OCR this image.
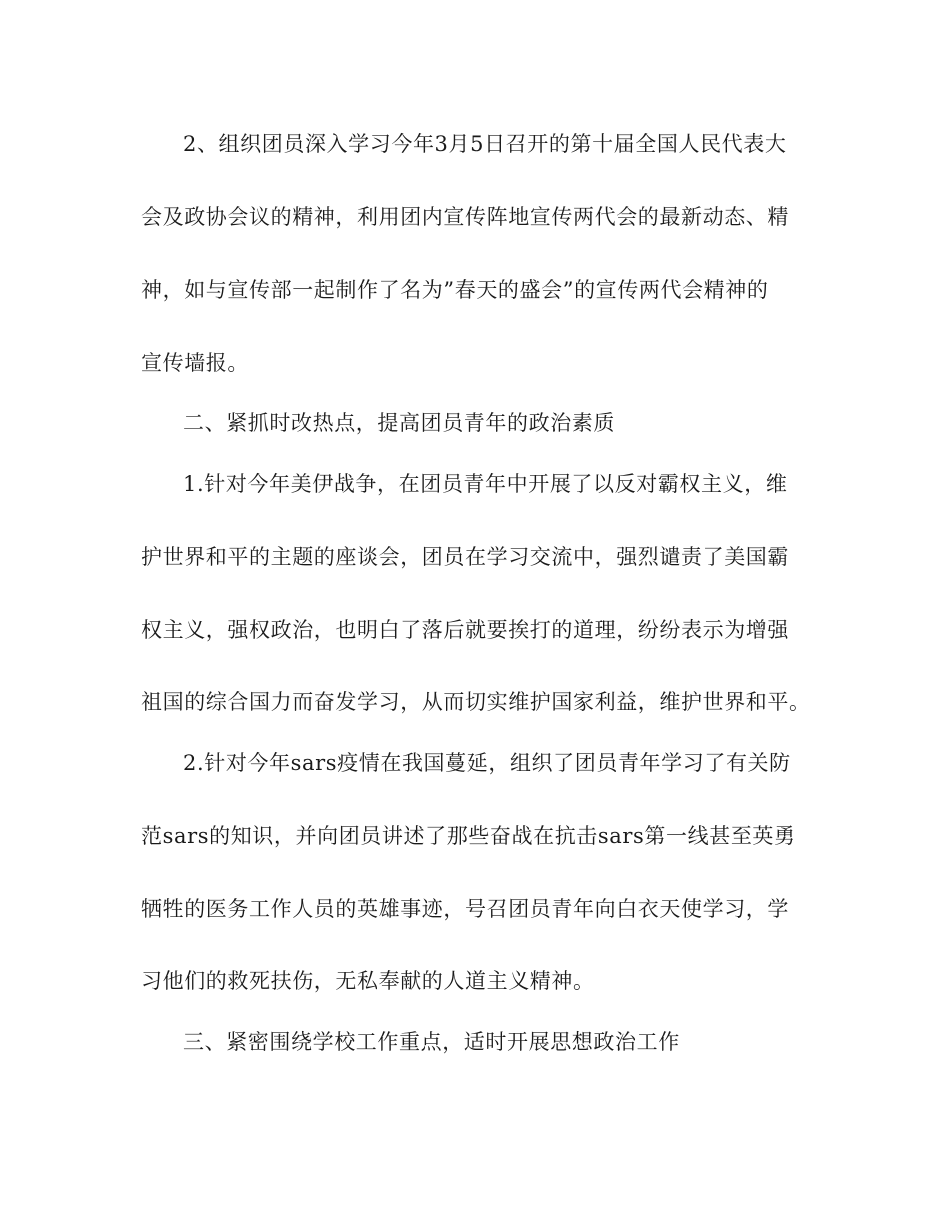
2、组织团员深入学习今年3月5日召开的第十届全国人民代表大
会及政协会议的精神，利用团内宣传阵地宣传两代会的最新动态、精
神，如与宣传部一起制作了名为”春天的盛会”的宣传两代会精神的
宣传墙报。
二、紧抓时改热点，提高团员青年的政治素质
1.针对今年美伊战争，在团员青年中开展了以反对霸权主义，维
护世界和平的主题的座谈会，团员在学习交流中，强烈谴责了美国霸
权主义，强权政治，也明白了落后就要挨打的道理，纷纷表示为增强
祖国的综合国力而奋发学习，从而切实维护国家利益，维护世界和平。
2.针对今年sars疫情在我国蔓延，组织了团员青年学习了有关防
范sars的知识，并向团员讲述了那些奋战在抗击sars第一线甚至英勇
牺牲的医务工作人员的英雄事迹，号召团员青年向白衣天使学习，学
习他们的救死扶伤，无私奉献的人道主义精神。
三、紧密围绕学校工作重点，适时开展思想政治工作
